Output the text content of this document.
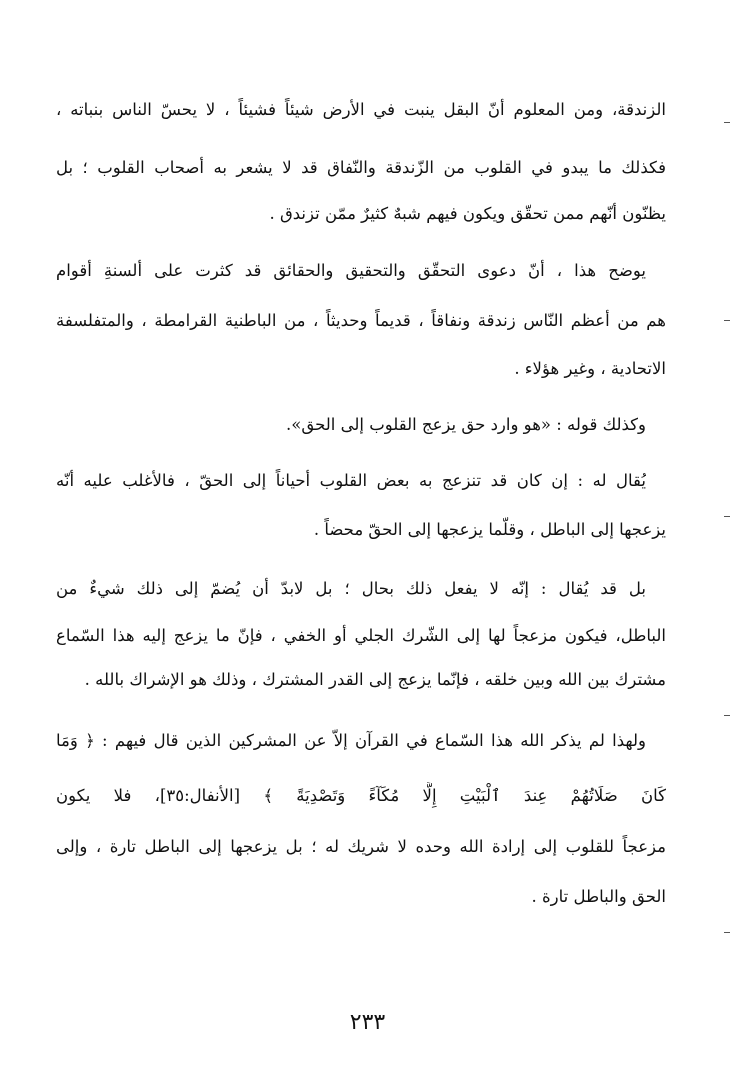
الزندقة، ومن المعلوم أنّ البقل ينبت في الأرض شيئاً فشيئاً ، لا يحسّ الناس بنباته ،
فكذلك ما يبدو في القلوب من الزّندقة والنّفاق قد لا يشعر به أصحاب القلوب ؛ بل
يظنّون أنّهم ممن تحقّق ويكون فيهم شبهٌ كثيرٌ ممّن تزندق .
يوضح هذا ، أنّ دعوى التحقّق والتحقيق والحقائق قد كثرت على ألسنةِ أقوام
هم من أعظم النّاس زندقة ونفاقاً ، قديماً وحديثاً ، من الباطنية القرامطة ، والمتفلسفة
الاتحادية ، وغير هؤلاء .
وكذلك قوله : «هو وارد حق يزعج القلوب إلى الحق».
يُقال له : إن كان قد تنزعج به بعض القلوب أحياناً إلى الحقّ ، فالأغلب عليه أنّه
يزعجها إلى الباطل ، وقلّما يزعجها إلى الحقّ محضاً .
بل قد يُقال : إنّه لا يفعل ذلك بحال ؛ بل لابدّ أن يُضمّ إلى ذلك شيءٌ من
الباطل، فيكون مزعجاً لها إلى الشّرك الجلي أو الخفي ، فإنّ ما يزعج إليه هذا السّماع
مشترك بين الله وبين خلقه ، فإنّما يزعج إلى القدر المشترك ، وذلك هو الإشراك بالله .
ولهذا لم يذكر الله هذا السّماع في القرآن إلاّ عن المشركين الذين قال فيهم : ﴿ وَمَا
كَانَ صَلَاتُهُمْ عِندَ ٱلْبَيْتِ إِلَّا مُكَآءً وَتَصْدِيَةً ﴾ [الأنفال:٣٥]، فلا يكون
مزعجاً للقلوب إلى إرادة الله وحده لا شريك له ؛ بل يزعجها إلى الباطل تارة ، وإلى
الحق والباطل تارة .
٢٣٣
